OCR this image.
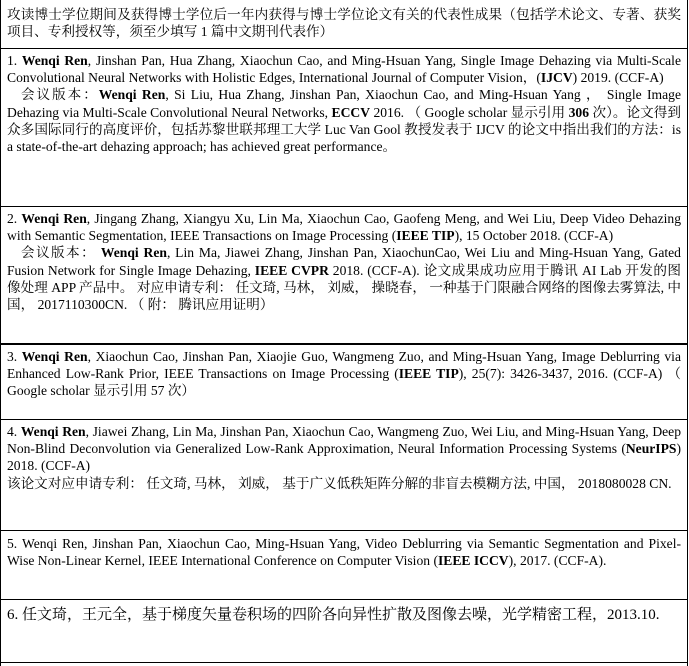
攻读博士学位期间及获得博士学位后一年内获得与博士学位论文有关的代表性成果（包括学术论文、专著、获奖项目、专利授权等，须至少填写 1 篇中文期刊代表作）

1. Wenqi Ren, Jinshan Pan, Hua Zhang, Xiaochun Cao, and Ming-Hsuan Yang, Single Image Dehazing via Multi-Scale Convolutional Neural Networks with Holistic Edges, International Journal of Computer Vision，(IJCV) 2019. (CCF-A)

会议版本：Wenqi Ren, Si Liu, Hua Zhang, Jinshan Pan, Xiaochun Cao, and Ming-Hsuan Yang ， Single Image Dehazing via Multi-Scale Convolutional Neural Networks, ECCV 2016. （ Google scholar 显示引用 306 次）。论文得到众多国际同行的高度评价，包括苏黎世联邦理工大学 Luc Van Gool 教授发表于 IJCV 的论文中指出我们的方法：is a state-of-the-art dehazing approach; has achieved great performance。

2. Wenqi Ren, Jingang Zhang, Xiangyu Xu, Lin Ma, Xiaochun Cao, Gaofeng Meng, and Wei Liu, Deep Video Dehazing with Semantic Segmentation, IEEE Transactions on Image Processing (IEEE TIP), 15 October 2018. (CCF-A)

会议版本： Wenqi Ren, Lin Ma, Jiawei Zhang, Jinshan Pan, XiaochunCao, Wei Liu and Ming-Hsuan Yang, Gated Fusion Network for Single Image Dehazing, IEEE CVPR 2018. (CCF-A). 论文成果成功应用于腾讯 AI Lab 开发的图像处理 APP 产品中。 对应申请专利： 任文琦, 马林， 刘威， 操晓春， 一种基于门限融合网络的图像去雾算法, 中国， 2017110300CN. （ 附： 腾讯应用证明）

3. Wenqi Ren, Xiaochun Cao, Jinshan Pan, Xiaojie Guo, Wangmeng Zuo, and Ming-Hsuan Yang, Image Deblurring via Enhanced Low-Rank Prior, IEEE Transactions on Image Processing (IEEE TIP), 25(7): 3426-3437, 2016. (CCF-A) （ Google scholar 显示引用 57 次）

4. Wenqi Ren, Jiawei Zhang, Lin Ma, Jinshan Pan, Xiaochun Cao, Wangmeng Zuo, Wei Liu, and Ming-Hsuan Yang, Deep Non-Blind Deconvolution via Generalized Low-Rank Approximation, Neural Information Processing Systems (NeurIPS) 2018. (CCF-A)

该论文对应申请专利： 任文琦, 马林， 刘威， 基于广义低秩矩阵分解的非盲去模糊方法, 中国， 2018080028 CN.

5. Wenqi Ren, Jinshan Pan, Xiaochun Cao, Ming-Hsuan Yang, Video Deblurring via Semantic Segmentation and Pixel-Wise Non-Linear Kernel, IEEE International Conference on Computer Vision (IEEE ICCV), 2017. (CCF-A).

6. 任文琦，王元全，基于梯度矢量卷积场的四阶各向异性扩散及图像去噪，光学精密工程，2013.10.
